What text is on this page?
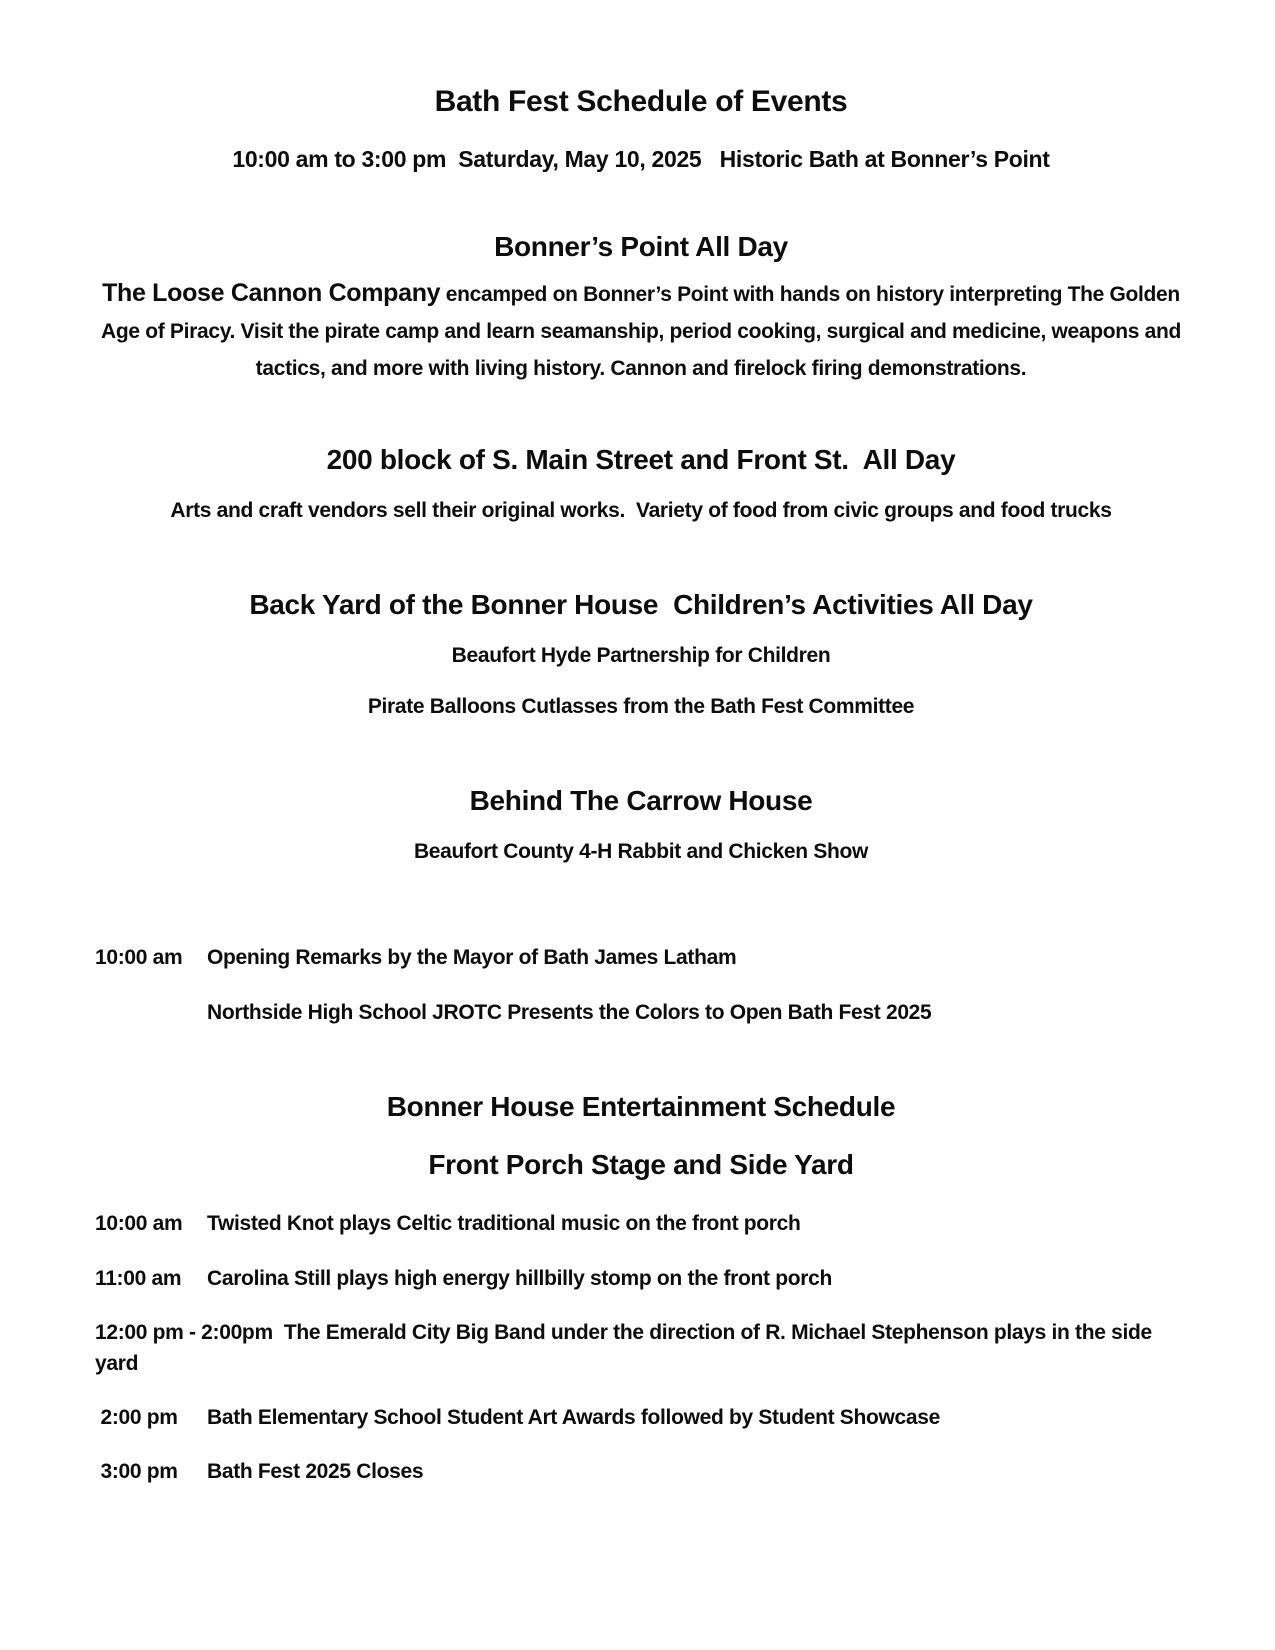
Bath Fest Schedule of Events

10:00 am to 3:00 pm  Saturday, May 10, 2025   Historic Bath at Bonner’s Point

Bonner’s Point All Day

The Loose Cannon Company encamped on Bonner’s Point with hands on history interpreting The Golden Age of Piracy. Visit the pirate camp and learn seamanship, period cooking, surgical and medicine, weapons and tactics, and more with living history. Cannon and firelock firing demonstrations.

200 block of S. Main Street and Front St.  All Day

Arts and craft vendors sell their original works.  Variety of food from civic groups and food trucks

Back Yard of the Bonner House  Children’s Activities All Day

Beaufort Hyde Partnership for Children

Pirate Balloons Cutlasses from the Bath Fest Committee

Behind The Carrow House

Beaufort County 4-H Rabbit and Chicken Show

10:00 am Opening Remarks by the Mayor of Bath James Latham

Northside High School JROTC Presents the Colors to Open Bath Fest 2025

Bonner House Entertainment Schedule
Front Porch Stage and Side Yard

10:00 am Twisted Knot plays Celtic traditional music on the front porch

11:00 am Carolina Still plays high energy hillbilly stomp on the front porch

12:00 pm - 2:00pm  The Emerald City Big Band under the direction of R. Michael Stephenson plays in the side yard

2:00 pm Bath Elementary School Student Art Awards followed by Student Showcase

3:00 pm Bath Fest 2025 Closes
